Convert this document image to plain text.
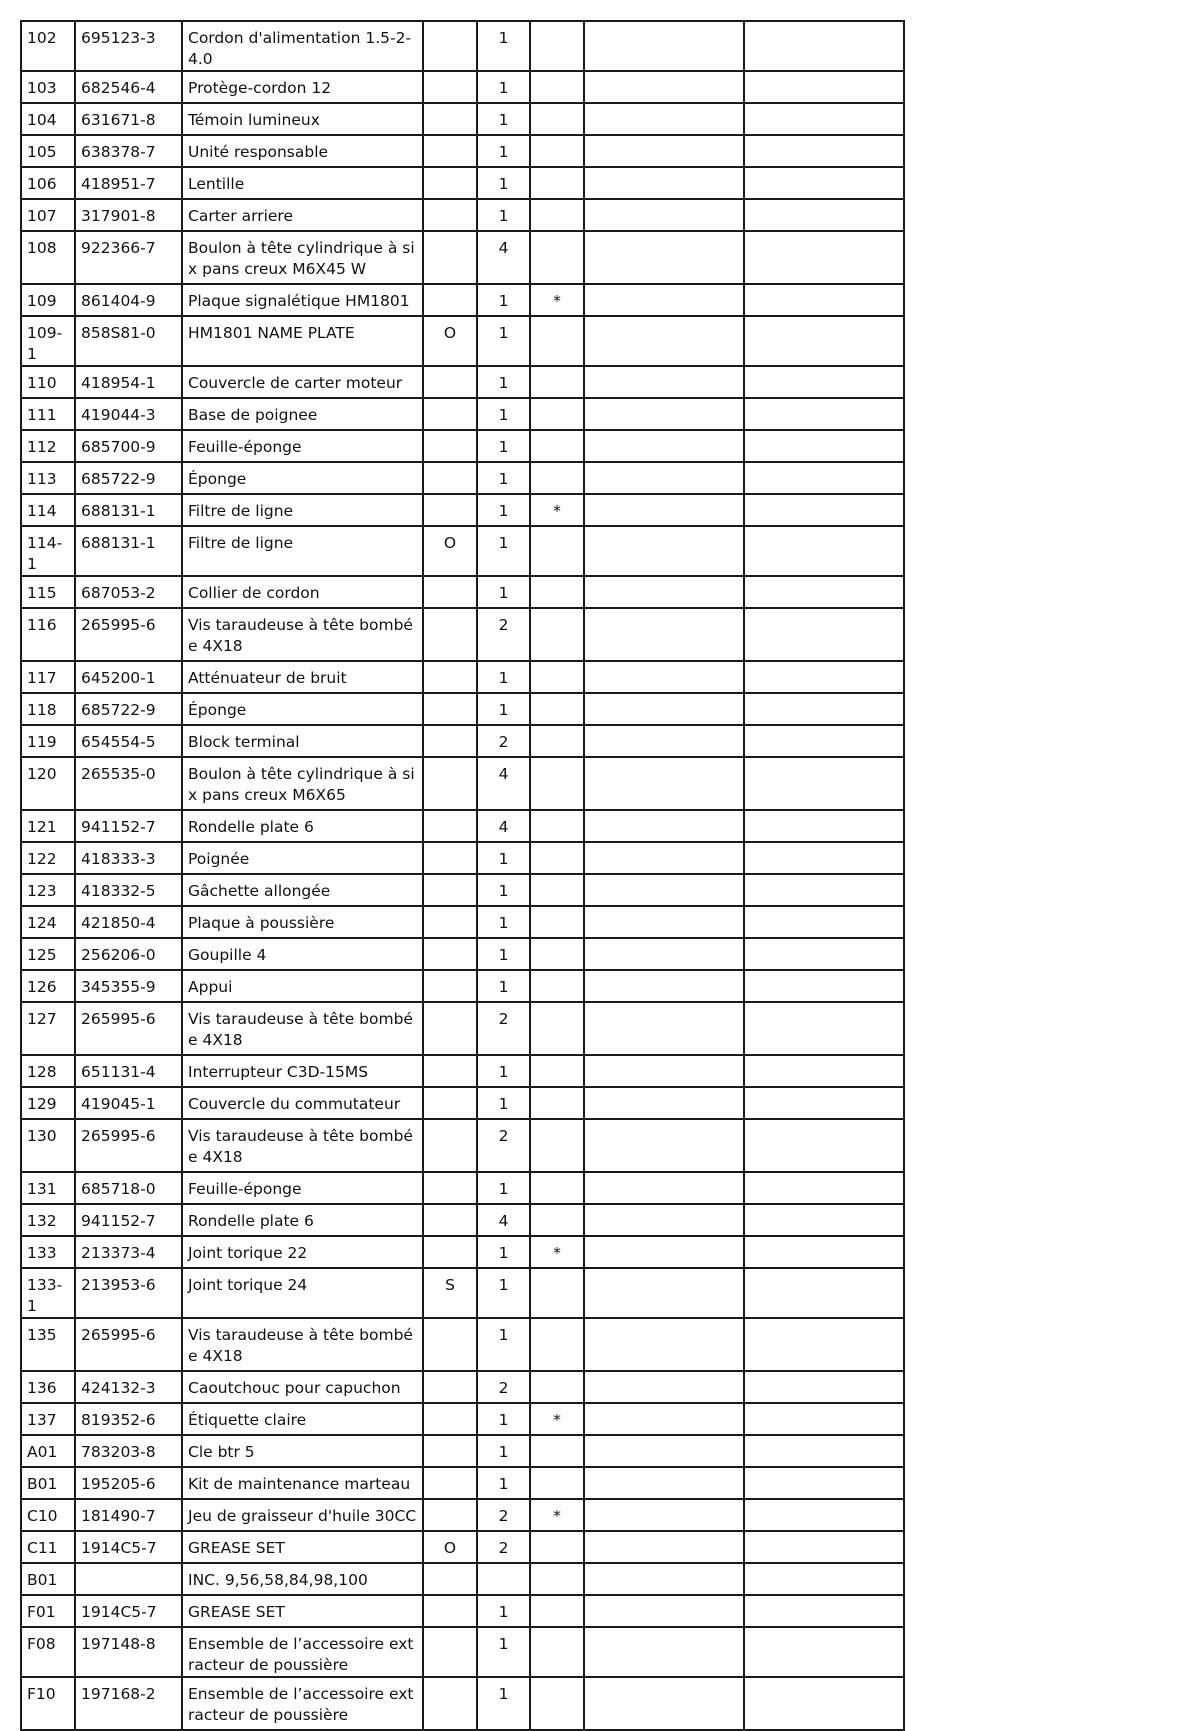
102	695123-3	Cordon d'alimentation 1.5-2-4.0		1			
103	682546-4	Protège-cordon 12		1			
104	631671-8	Témoin lumineux		1			
105	638378-7	Unité responsable		1			
106	418951-7	Lentille		1			
107	317901-8	Carter arriere		1			
108	922366-7	Boulon à tête cylindrique à six pans creux M6X45 W		4			
109	861404-9	Plaque signalétique HM1801		1	*		
109-1	858S81-0	HM1801 NAME PLATE	O	1			
110	418954-1	Couvercle de carter moteur		1			
111	419044-3	Base de poignee		1			
112	685700-9	Feuille-éponge		1			
113	685722-9	Éponge		1			
114	688131-1	Filtre de ligne		1	*		
114-1	688131-1	Filtre de ligne	O	1			
115	687053-2	Collier de cordon		1			
116	265995-6	Vis taraudeuse à tête bombée 4X18		2			
117	645200-1	Atténuateur de bruit		1			
118	685722-9	Éponge		1			
119	654554-5	Block terminal		2			
120	265535-0	Boulon à tête cylindrique à six pans creux M6X65		4			
121	941152-7	Rondelle plate 6		4			
122	418333-3	Poignée		1			
123	418332-5	Gâchette allongée		1			
124	421850-4	Plaque à poussière		1			
125	256206-0	Goupille 4		1			
126	345355-9	Appui		1			
127	265995-6	Vis taraudeuse à tête bombée 4X18		2			
128	651131-4	Interrupteur C3D-15MS		1			
129	419045-1	Couvercle du commutateur		1			
130	265995-6	Vis taraudeuse à tête bombée 4X18		2			
131	685718-0	Feuille-éponge		1			
132	941152-7	Rondelle plate 6		4			
133	213373-4	Joint torique 22		1	*		
133-1	213953-6	Joint torique 24	S	1			
135	265995-6	Vis taraudeuse à tête bombée 4X18		1			
136	424132-3	Caoutchouc pour capuchon		2			
137	819352-6	Étiquette claire		1	*		
A01	783203-8	Cle btr 5		1			
B01	195205-6	Kit de maintenance marteau		1			
C10	181490-7	Jeu de graisseur d'huile 30CC		2	*		
C11	1914C5-7	GREASE SET	O	2			
B01		INC. 9,56,58,84,98,100					
F01	1914C5-7	GREASE SET		1			
F08	197148-8	Ensemble de l’accessoire extracteur de poussière		1			
F10	197168-2	Ensemble de l’accessoire extracteur de poussière		1			
